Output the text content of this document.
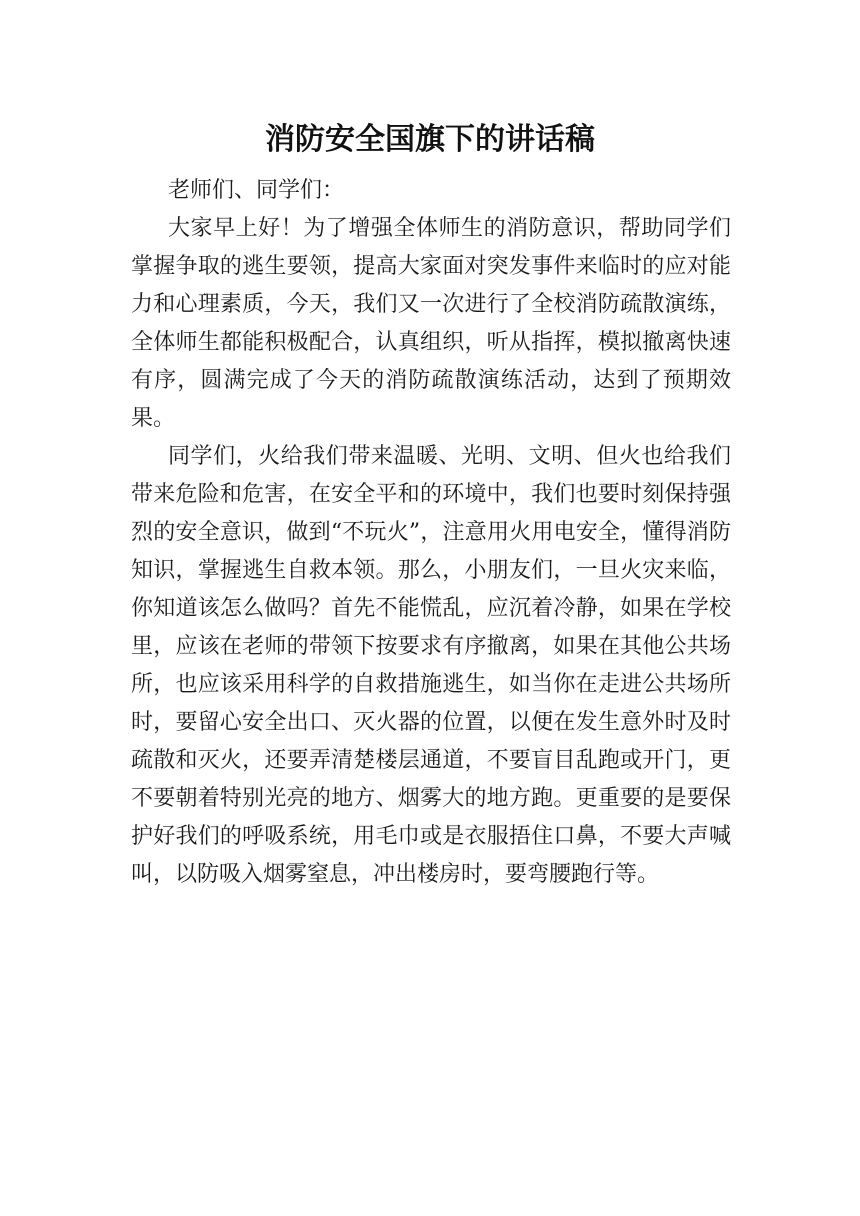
消防安全国旗下的讲话稿

老师们、同学们：

大家早上好！为了增强全体师生的消防意识，帮助同学们掌握争取的逃生要领，提高大家面对突发事件来临时的应对能力和心理素质，今天，我们又一次进行了全校消防疏散演练，全体师生都能积极配合，认真组织，听从指挥，模拟撤离快速有序，圆满完成了今天的消防疏散演练活动，达到了预期效果。

同学们，火给我们带来温暖、光明、文明、但火也给我们带来危险和危害，在安全平和的环境中，我们也要时刻保持强烈的安全意识，做到“不玩火”，注意用火用电安全，懂得消防知识，掌握逃生自救本领。那么，小朋友们，一旦火灾来临，你知道该怎么做吗？首先不能慌乱，应沉着冷静，如果在学校里，应该在老师的带领下按要求有序撤离，如果在其他公共场所，也应该采用科学的自救措施逃生，如当你在走进公共场所时，要留心安全出口、灭火器的位置，以便在发生意外时及时疏散和灭火，还要弄清楚楼层通道，不要盲目乱跑或开门，更不要朝着特别光亮的地方、烟雾大的地方跑。更重要的是要保护好我们的呼吸系统，用毛巾或是衣服捂住口鼻，不要大声喊叫，以防吸入烟雾窒息，冲出楼房时，要弯腰跑行等。
